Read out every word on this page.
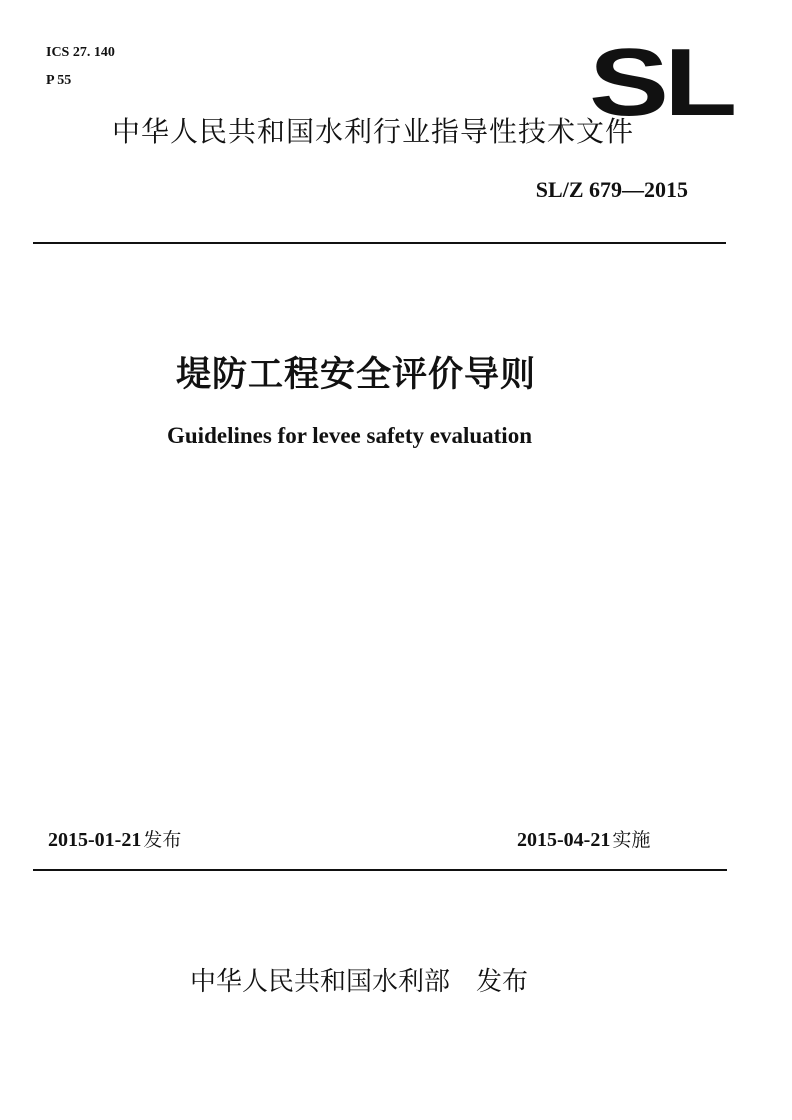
ICS 27. 140
P 55	SL
中华人民共和国水利行业指导性技术文件
SL/Z 679—2015
堤防工程安全评价导则
Guidelines for levee safety evaluation
2015-01-21 发布	2015-04-21 实施
中华人民共和国水利部 发布
